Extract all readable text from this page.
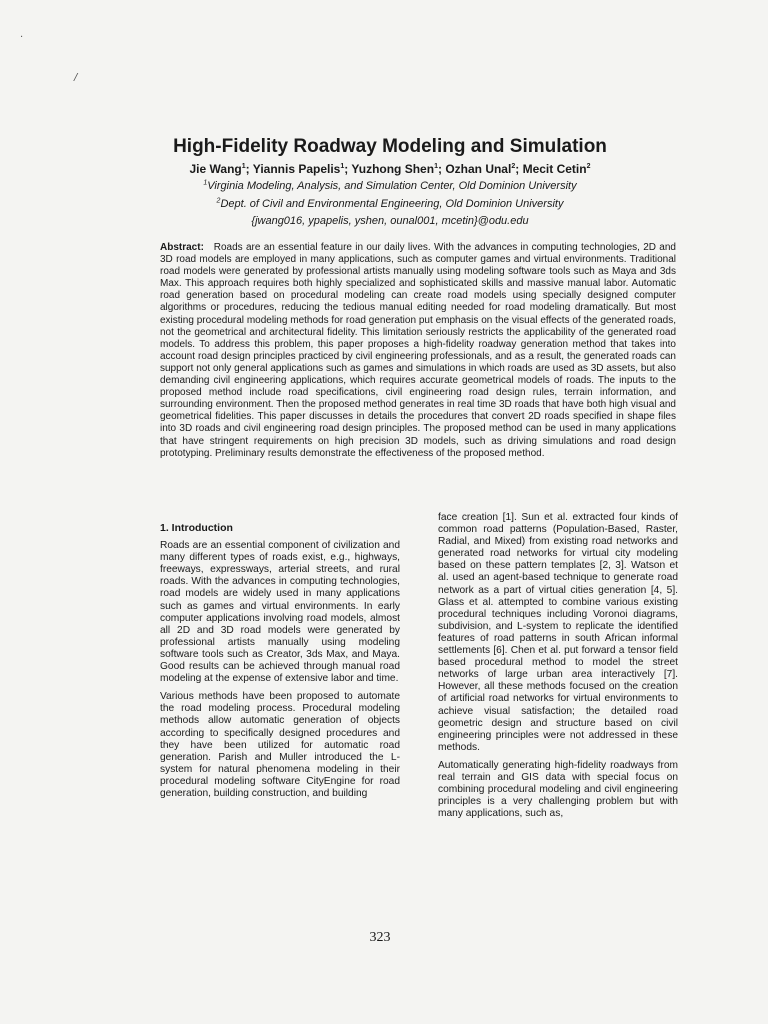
·
/
High-Fidelity Roadway Modeling and Simulation
Jie Wang$^1$; Yiannis Papelis$^1$; Yuzhong Shen$^1$; Ozhan Unal$^2$; Mecit Cetin$^2$
$^1$Virginia Modeling, Analysis, and Simulation Center, Old Dominion University
$^2$Dept. of Civil and Environmental Engineering, Old Dominion University
{jwang016, ypapelis, yshen, ounal001, mcetin}@odu.edu

Abstract: Roads are an essential feature in our daily lives. With the advances in computing technologies, 2D and 3D road models are employed in many applications, such as computer games and virtual environments. Traditional road models were generated by professional artists manually using modeling software tools such as Maya and 3ds Max. This approach requires both highly specialized and sophisticated skills and massive manual labor. Automatic road generation based on procedural modeling can create road models using specially designed computer algorithms or procedures, reducing the tedious manual editing needed for road modeling dramatically. But most existing procedural modeling methods for road generation put emphasis on the visual effects of the generated roads, not the geometrical and architectural fidelity. This limitation seriously restricts the applicability of the generated road models. To address this problem, this paper proposes a high-fidelity roadway generation method that takes into account road design principles practiced by civil engineering professionals, and as a result, the generated roads can support not only general applications such as games and simulations in which roads are used as 3D assets, but also demanding civil engineering applications, which requires accurate geometrical models of roads. The inputs to the proposed method include road specifications, civil engineering road design rules, terrain information, and surrounding environment. Then the proposed method generates in real time 3D roads that have both high visual and geometrical fidelities. This paper discusses in details the procedures that convert 2D roads specified in shape files into 3D roads and civil engineering road design principles. The proposed method can be used in many applications that have stringent requirements on high precision 3D models, such as driving simulations and road design prototyping. Preliminary results demonstrate the effectiveness of the proposed method.

1. Introduction

Roads are an essential component of civilization and many different types of roads exist, e.g., highways, freeways, expressways, arterial streets, and rural roads. With the advances in computing technologies, road models are widely used in many applications such as games and virtual environments. In early computer applications involving road models, almost all 2D and 3D road models were generated by professional artists manually using modeling software tools such as Creator, 3ds Max, and Maya. Good results can be achieved through manual road modeling at the expense of extensive labor and time.

Various methods have been proposed to automate the road modeling process. Procedural modeling methods allow automatic generation of objects according to specifically designed procedures and they have been utilized for automatic road generation. Parish and Muller introduced the L-system for natural phenomena modeling in their procedural modeling software CityEngine for road generation, building construction, and building

face creation [1]. Sun et al. extracted four kinds of common road patterns (Population-Based, Raster, Radial, and Mixed) from existing road networks and generated road networks for virtual city modeling based on these pattern templates [2, 3]. Watson et al. used an agent-based technique to generate road network as a part of virtual cities generation [4, 5]. Glass et al. attempted to combine various existing procedural techniques including Voronoi diagrams, subdivision, and L-system to replicate the identified features of road patterns in south African informal settlements [6]. Chen et al. put forward a tensor field based procedural method to model the street networks of large urban area interactively [7]. However, all these methods focused on the creation of artificial road networks for virtual environments to achieve visual satisfaction; the detailed road geometric design and structure based on civil engineering principles were not addressed in these methods.

Automatically generating high-fidelity roadways from real terrain and GIS data with special focus on combining procedural modeling and civil engineering principles is a very challenging problem but with many applications, such as,

323
